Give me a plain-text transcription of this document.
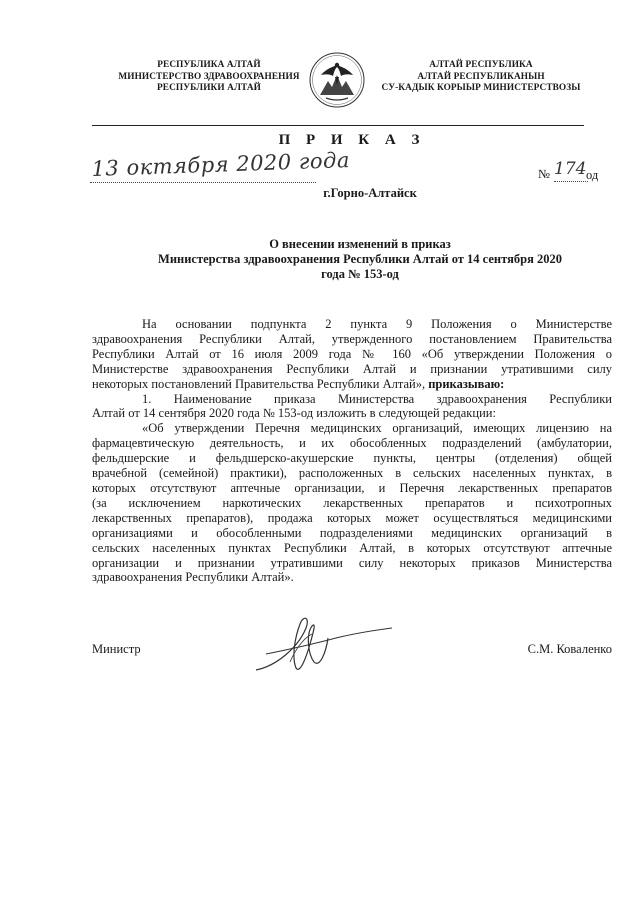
РЕСПУБЛИКА АЛТАЙ
МИНИСТЕРСТВО ЗДРАВООХРАНЕНИЯ
РЕСПУБЛИКИ АЛТАЙ
АЛТАЙ РЕСПУБЛИКА
АЛТАЙ РЕСПУБЛИКАНЫН
СУ-КАДЫК КОРЫЫР МИНИСТЕРСТВОЗЫ
П Р И К А З
13 октября 2020 года	№ 174 од
г.Горно-Алтайск
О внесении изменений в приказ
Министерства здравоохранения Республики Алтай от 14 сентября 2020
года № 153-од
На основании подпункта 2 пункта 9 Положения о Министерстве
здравоохранения Республики Алтай, утвержденного постановлением Правительства
Республики Алтай от 16 июля 2009 года № 160 «Об утверждении Положения о
Министерстве здравоохранения Республики Алтай и признании утратившими силу
некоторых постановлений Правительства Республики Алтай», приказываю:
1. Наименование приказа Министерства здравоохранения Республики
Алтай от 14 сентября 2020 года № 153-од изложить в следующей редакции:
«Об утверждении Перечня медицинских организаций, имеющих лицензию на
фармацевтическую деятельность, и их обособленных подразделений (амбулатории,
фельдшерские и фельдшерско-акушерские пункты, центры (отделения) общей
врачебной (семейной) практики), расположенных в сельских населенных пунктах, в
которых отсутствуют аптечные организации, и Перечня лекарственных препаратов
(за исключением наркотических лекарственных препаратов и психотропных
лекарственных препаратов), продажа которых может осуществляться медицинскими
организациями и обособленными подразделениями медицинских организаций в
сельских населенных пунктах Республики Алтай, в которых отсутствуют аптечные
организации и признании утратившими силу некоторых приказов Министерства
здравоохранения Республики Алтай».
Министр	С.М. Коваленко
